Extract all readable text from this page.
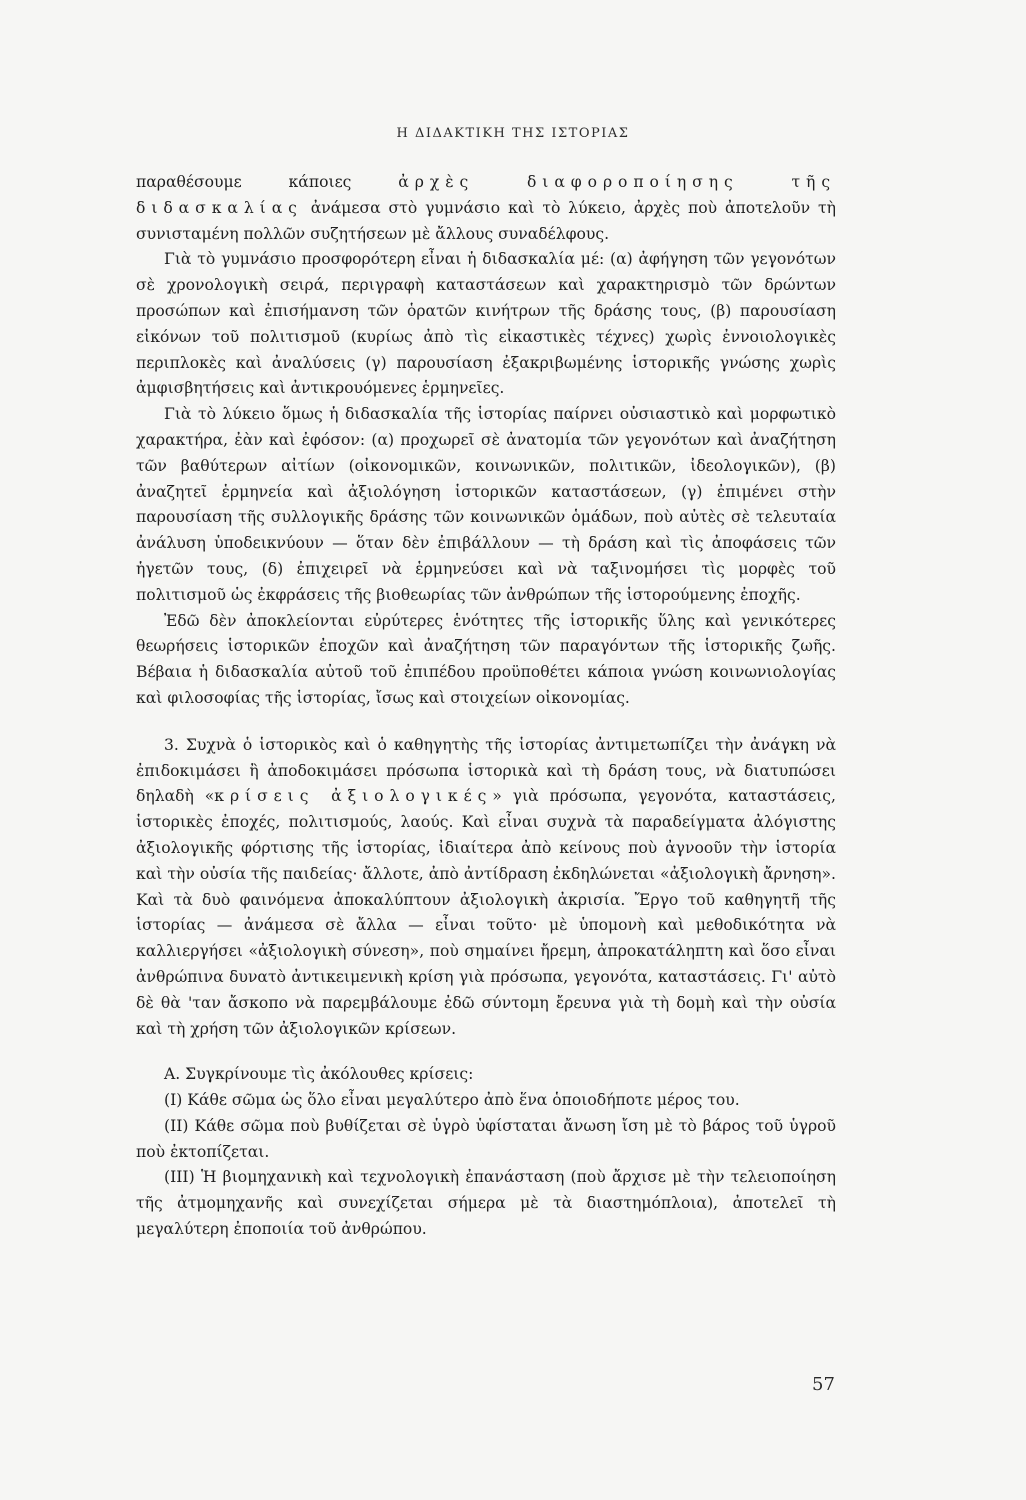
Η ΔΙΔΑΚΤΙΚΗ ΤΗΣ ΙΣΤΟΡΙΑΣ

παραθέσουμε κάποιες ἀρχὲς διαφοροποίησης τῆς διδασκαλίας ἀνάμεσα στὸ γυμνάσιο καὶ τὸ λύκειο, ἀρχὲς ποὺ ἀποτελοῦν τὴ συνισταμένη πολλῶν συζητήσεων μὲ ἄλλους συναδέλφους.

Γιὰ τὸ γυμνάσιο προσφορότερη εἶναι ἡ διδασκαλία μέ: (α) ἀφήγηση τῶν γεγονότων σὲ χρονολογικὴ σειρά, περιγραφὴ καταστάσεων καὶ χαρακτηρισμὸ τῶν δρώντων προσώπων καὶ ἐπισήμανση τῶν ὁρατῶν κινήτρων τῆς δράσης τους, (β) παρουσίαση εἰκόνων τοῦ πολιτισμοῦ (κυρίως ἀπὸ τὶς εἰκαστικὲς τέχνες) χωρὶς ἐννοιολογικὲς περιπλοκὲς καὶ ἀναλύσεις (γ) παρουσίαση ἐξακριβωμένης ἱστορικῆς γνώσης χωρὶς ἀμφισβητήσεις καὶ ἀντικρουόμενες ἑρμηνεῖες.

Γιὰ τὸ λύκειο ὅμως ἡ διδασκαλία τῆς ἱστορίας παίρνει οὐσιαστικὸ καὶ μορφωτικὸ χαρακτήρα, ἐὰν καὶ ἐφόσον: (α) προχωρεῖ σὲ ἀνατομία τῶν γεγονότων καὶ ἀναζήτηση τῶν βαθύτερων αἰτίων (οἰκονομικῶν, κοινωνικῶν, πολιτικῶν, ἰδεολογικῶν), (β) ἀναζητεῖ ἑρμηνεία καὶ ἀξιολόγηση ἱστορικῶν καταστάσεων, (γ) ἐπιμένει στὴν παρουσίαση τῆς συλλογικῆς δράσης τῶν κοινωνικῶν ὁμάδων, ποὺ αὐτὲς σὲ τελευταία ἀνάλυση ὑποδεικνύουν — ὅταν δὲν ἐπιβάλλουν — τὴ δράση καὶ τὶς ἀποφάσεις τῶν ἡγετῶν τους, (δ) ἐπιχειρεῖ νὰ ἑρμηνεύσει καὶ νὰ ταξινομήσει τὶς μορφὲς τοῦ πολιτισμοῦ ὡς ἐκφράσεις τῆς βιοθεωρίας τῶν ἀνθρώπων τῆς ἱστορούμενης ἐποχῆς.

Ἐδῶ δὲν ἀποκλείονται εὐρύτερες ἑνότητες τῆς ἱστορικῆς ὕλης καὶ γενικότερες θεωρήσεις ἱστορικῶν ἐποχῶν καὶ ἀναζήτηση τῶν παραγόντων τῆς ἱστορικῆς ζωῆς. Βέβαια ἡ διδασκαλία αὐτοῦ τοῦ ἐπιπέδου προϋποθέτει κάποια γνώση κοινωνιολογίας καὶ φιλοσοφίας τῆς ἱστορίας, ἴσως καὶ στοιχείων οἰκονομίας.

3. Συχνὰ ὁ ἱστορικὸς καὶ ὁ καθηγητὴς τῆς ἱστορίας ἀντιμετωπίζει τὴν ἀνάγκη νὰ ἐπιδοκιμάσει ἢ ἀποδοκιμάσει πρόσωπα ἱστορικὰ καὶ τὴ δράση τους, νὰ διατυπώσει δηλαδὴ «κρίσεις ἀξιολογικές» γιὰ πρόσωπα, γεγονότα, καταστάσεις, ἱστορικὲς ἐποχές, πολιτισμούς, λαούς. Καὶ εἶναι συχνὰ τὰ παραδείγματα ἀλόγιστης ἀξιολογικῆς φόρτισης τῆς ἱστορίας, ἰδιαίτερα ἀπὸ κείνους ποὺ ἀγνοοῦν τὴν ἱστορία καὶ τὴν οὐσία τῆς παιδείας· ἄλλοτε, ἀπὸ ἀντίδραση ἐκδηλώνεται «ἀξιολογικὴ ἄρνηση». Καὶ τὰ δυὸ φαινόμενα ἀποκαλύπτουν ἀξιολογικὴ ἀκρισία. Ἔργο τοῦ καθηγητῆ τῆς ἱστορίας — ἀνάμεσα σὲ ἄλλα — εἶναι τοῦτο· μὲ ὑπομονὴ καὶ μεθοδικότητα νὰ καλλιεργήσει «ἀξιολογικὴ σύνεση», ποὺ σημαίνει ἤρεμη, ἀπροκατάληπτη καὶ ὅσο εἶναι ἀνθρώπινα δυνατὸ ἀντικειμενικὴ κρίση γιὰ πρόσωπα, γεγονότα, καταστάσεις. Γι' αὐτὸ δὲ θὰ 'ταν ἄσκοπο νὰ παρεμβάλουμε ἐδῶ σύντομη ἔρευνα γιὰ τὴ δομὴ καὶ τὴν οὐσία καὶ τὴ χρήση τῶν ἀξιολογικῶν κρίσεων.

Α. Συγκρίνουμε τὶς ἀκόλουθες κρίσεις:

(I) Κάθε σῶμα ὡς ὅλο εἶναι μεγαλύτερο ἀπὸ ἕνα ὁποιοδήποτε μέρος του.

(II) Κάθε σῶμα ποὺ βυθίζεται σὲ ὑγρὸ ὑφίσταται ἄνωση ἴση μὲ τὸ βάρος τοῦ ὑγροῦ ποὺ ἐκτοπίζεται.

(III) Ἡ βιομηχανικὴ καὶ τεχνολογικὴ ἐπανάσταση (ποὺ ἄρχισε μὲ τὴν τελειοποίηση τῆς ἀτμομηχανῆς καὶ συνεχίζεται σήμερα μὲ τὰ διαστημόπλοια), ἀποτελεῖ τὴ μεγαλύτερη ἐποποιία τοῦ ἀνθρώπου.

57
